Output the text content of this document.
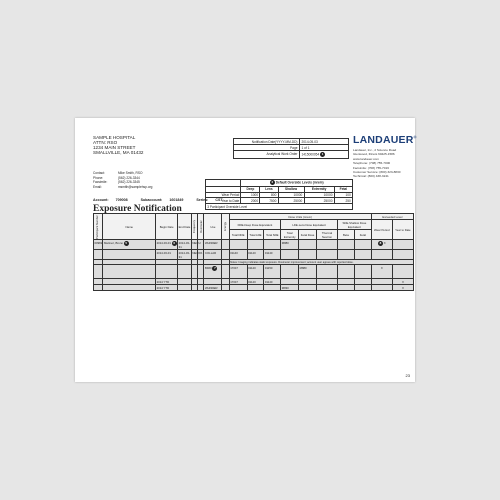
SAMPLE HOSPITAL
ATTN: RSO
1234 MAIN STREET
SMALLVILLE, MA 01432
Notification Date(YYYY-MM-DD)	2014-05-03
Page	1 of 1
Analytical Work Order	1415000054 1
LANDAUER®
Landauer, Inc., 2 Science Road
Glenwood, Illinois 60425-1586
www.landauer.com
Telephone: (708) 755-7000
Facsimile: (708) 755-7016
Customer Service: (800) 323-8830
Technical: (800) 438-3241
Contact:	Mike Smith, RSO
Phone:	(562) 226-3344
Facsimile:	(562) 226-3345
Email:	msmith@samplehsp.org
	2 Default Overside Levels (mrem)				
	Deep	Lens	Shallow	Extremity	Fetal
Wear Period	1000	800	10000	10000	100
Year to Date	2000	7500	25000	25000	250
3 Participant Overside Level					
Account: 709008	Subaccount: 1601849	Series: CST
Exposure Notification
Participant Number	Name	Begin Date	End Date	Frequency	Dosimeter	Use	Energy	Dose Units (mrem)								Exceeded Level	
								DDE-Deep Dose Equivalent			LDE-Lens Dose Equivalent			SDE-Shallow Dose Equivalent		Wear Period	Year to Date
								Total DDE	Total LDE	Total SDE	Total Extremity	Fetal Dose	Thermal Neutron	Beta	Fetal		
00982	Marinez, Bruno 5	2014-03-01 6	2014-03-31	NEO	U	WHNDER					M880					8 X	
		2014-03-01	2014-03-31	NEO	PA	COLLAR		01140	01140	01140							
								Notes: Imaging indicates static exposure. Dosimeter improvement; account user agrees with reported dose.									
						BIRD 7		17047	01140	01150		M880				X	
		2014 YTD						17047	01140	01140							X
		2014 YTD				WHNDER					M830						X
23
